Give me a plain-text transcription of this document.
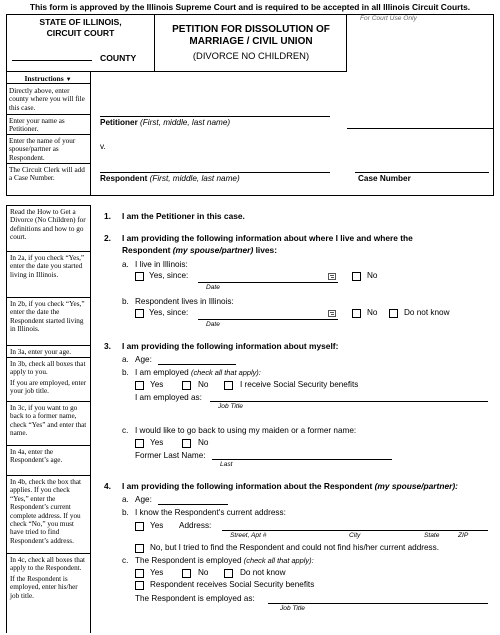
This form is approved by the Illinois Supreme Court and is required to be accepted in all Illinois Circuit Courts.
STATE OF ILLINOIS,
CIRCUIT COURT
COUNTY
PETITION FOR DISSOLUTION OF
MARRIAGE / CIVIL UNION
(DIVORCE NO CHILDREN)
For Court Use Only
Instructions ▼

Directly above, enter county where you will file this case.

Enter your name as Petitioner.

Enter the name of your spouse/partner as Respondent.

The Circuit Clerk will add a Case Number.

Petitioner (First, middle, last name)
v.
Respondent (First, middle, last name)	Case Number

Read the How to Get a Divorce (No Children) for definitions and how to go court.

In 2a, if you check “Yes,” enter the date you started living in Illinois.

In 2b, if you check “Yes,” enter the date the Respondent started living in Illinois.

In 3a, enter your age.

In 3b, check all boxes that apply to you.

If you are employed, enter your job title.

In 3c, if you want to go back to a former name, check “Yes” and enter that name.

In 4a, enter the Respondent’s age.

In 4b, check the box that applies. If you check “Yes,” enter the Respondent’s current complete address. If you check “No,” you must have tried to find Respondent’s address.

In 4c, check all boxes that apply to the Respondent.

If the Respondent is employed, enter his/her job title.

1. I am the Petitioner in this case.
2. I am providing the following information about where I live and where the
Respondent (my spouse/partner) lives:
a. I live in Illinois:
Yes, since:
Date
No
b. Respondent lives in Illinois:
Yes, since:
Date
No	Do not know
3. I am providing the following information about myself:
a. Age:
b. I am employed (check all that apply):
Yes	No	I receive Social Security benefits
I am employed as:
Job Title
c. I would like to go back to using my maiden or a former name:
Yes	No
Former Last Name:
Last
4. I am providing the following information about the Respondent (my spouse/partner):
a. Age:
b. I know the Respondent's current address:
Yes Address:
Street, Apt #	City	State	ZIP
No, but I tried to find the Respondent and could not find his/her current address.
c. The Respondent is employed (check all that apply):
Yes	No	Do not know
Respondent receives Social Security benefits
The Respondent is employed as:
Job Title
